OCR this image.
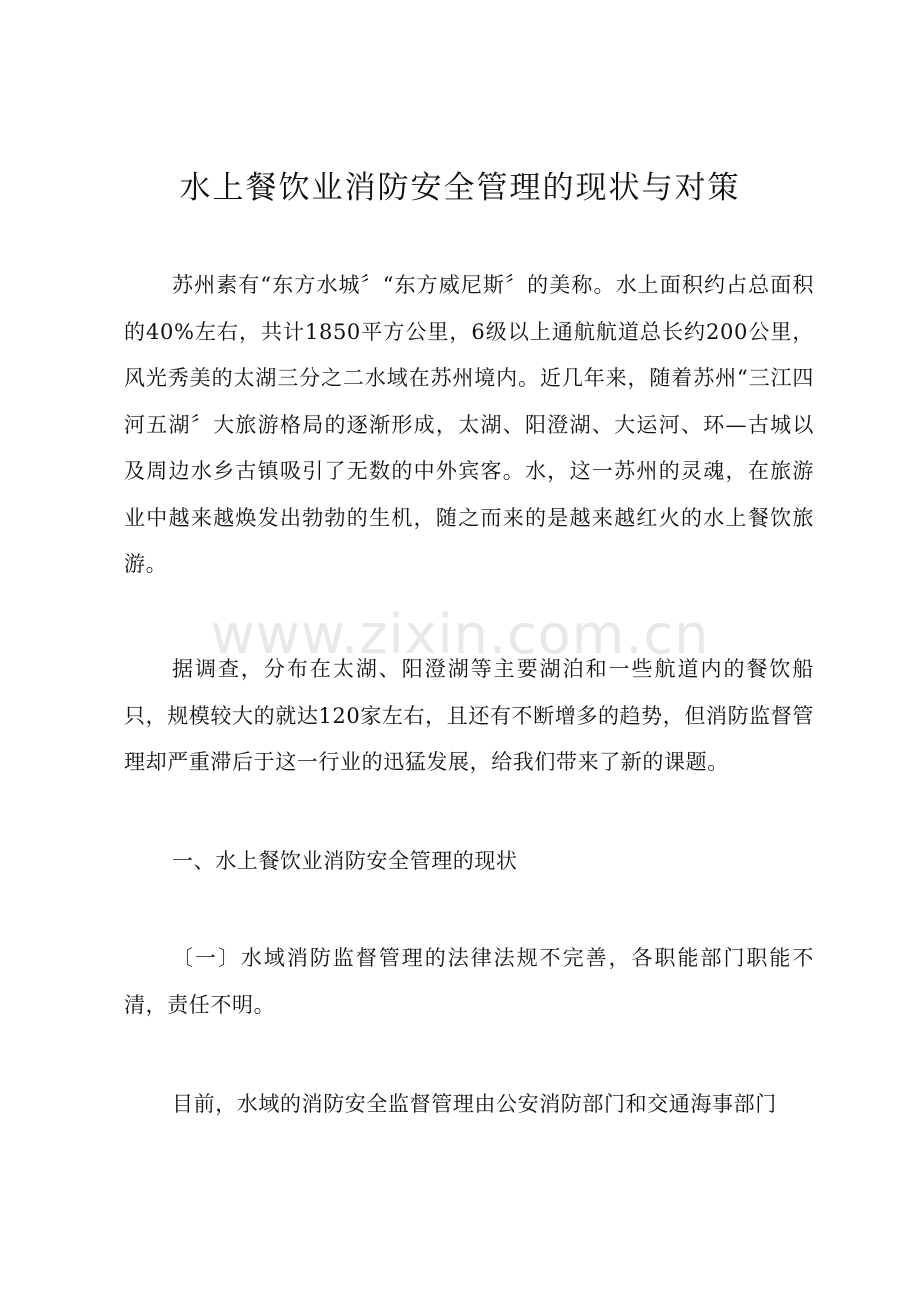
水上餐饮业消防安全管理的现状与对策

苏州素有“东方水城〞“东方威尼斯〞的美称。水上面积约占总面积的40%左右，共计1850平方公里，6级以上通航航道总长约200公里，风光秀美的太湖三分之二水域在苏州境内。近几年来，随着苏州“三江四河五湖〞大旅游格局的逐渐形成，太湖、阳澄湖、大运河、环—古城以及周边水乡古镇吸引了无数的中外宾客。水，这一苏州的灵魂，在旅游业中越来越焕发出勃勃的生机，随之而来的是越来越红火的水上餐饮旅游。

www.zixin.com.cn

据调查，分布在太湖、阳澄湖等主要湖泊和一些航道内的餐饮船只，规模较大的就达120家左右，且还有不断增多的趋势，但消防监督管理却严重滞后于这一行业的迅猛发展，给我们带来了新的课题。

一、水上餐饮业消防安全管理的现状

〔一〕水域消防监督管理的法律法规不完善，各职能部门职能不清，责任不明。

目前，水域的消防安全监督管理由公安消防部门和交通海事部门
